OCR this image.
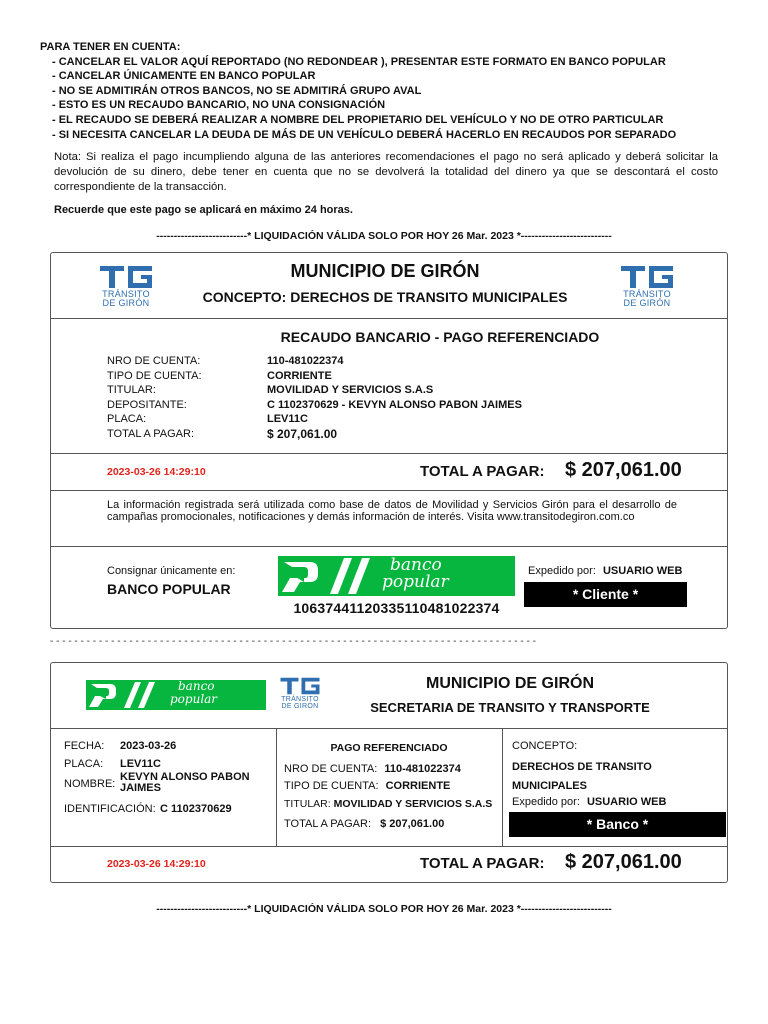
PARA TENER EN CUENTA:
- CANCELAR EL VALOR AQUÍ REPORTADO (NO REDONDEAR ), PRESENTAR ESTE FORMATO EN BANCO POPULAR
- CANCELAR ÚNICAMENTE EN BANCO POPULAR
- NO SE ADMITIRÁN OTROS BANCOS, NO SE ADMITIRÁ GRUPO AVAL
- ESTO ES UN RECAUDO BANCARIO, NO UNA CONSIGNACIÓN
- EL RECAUDO SE DEBERÁ REALIZAR A NOMBRE DEL PROPIETARIO DEL VEHÍCULO Y NO DE OTRO PARTICULAR
- SI NECESITA CANCELAR LA DEUDA DE MÁS DE UN VEHÍCULO DEBERÁ HACERLO EN RECAUDOS POR SEPARADO
Nota: Si realiza el pago incumpliendo alguna de las anteriores recomendaciones el pago no será aplicado y deberá solicitar la devolución de su dinero, debe tener en cuenta que no se devolverá la totalidad del dinero ya que se descontará el costo correspondiente de la transacción.
Recuerde que este pago se aplicará en máximo 24 horas.
--------------------------* LIQUIDACIÓN VÁLIDA SOLO POR HOY 26 Mar. 2023 *--------------------------
TRÁNSITO
DE GIRÓN
TRÁNSITO
DE GIRÓN
MUNICIPIO DE GIRÓN
CONCEPTO: DERECHOS DE TRANSITO MUNICIPALES
RECAUDO BANCARIO - PAGO REFERENCIADO
NRO DE CUENTA:	110-481022374
TIPO DE CUENTA:	CORRIENTE
TITULAR:	MOVILIDAD Y SERVICIOS S.A.S
DEPOSITANTE:	C 1102370629 - KEVYN ALONSO PABON JAIMES
PLACA:	LEV11C
TOTAL A PAGAR:	$ 207,061.00
2023-03-26 14:29:10	TOTAL A PAGAR: $ 207,061.00
La información registrada será utilizada como base de datos de Movilidad y Servicios Girón para el desarrollo de campañas promocionales, notificaciones y demás información de interés. Visita www.transitodegiron.com.co
Consignar únicamente en:
BANCO POPULAR
banco
popular
1063744112033511048102237​4
Expedido por: USUARIO WEB
* Cliente *
- - - - - - - - - - - - - - - - - - - - - - - - - - - - - - - - - - - - - - - - - - - - - - - - - - - - - - - - - - - - - - - - - - - - - - - - - - - - - - - -
banco
popular	TRÁNSITO
DE GIRÓN
MUNICIPIO DE GIRÓN
SECRETARIA DE TRANSITO Y TRANSPORTE
FECHA: 2023-03-26
PLACA: LEV11C
NOMBRE:
KEVYN ALONSO PABON JAIMES
IDENTIFICACIÓN: C 1102370629
PAGO REFERENCIADO
NRO DE CUENTA: 110-481022374
TIPO DE CUENTA: CORRIENTE
TITULAR: MOVILIDAD Y SERVICIOS S.A.S
TOTAL A PAGAR: $ 207,061.00
CONCEPTO:
DERECHOS DE TRANSITO MUNICIPALES
Expedido por: USUARIO WEB
* Banco *
2023-03-26 14:29:10	TOTAL A PAGAR: $ 207,061.00
--------------------------* LIQUIDACIÓN VÁLIDA SOLO POR HOY 26 Mar. 2023 *--------------------------
